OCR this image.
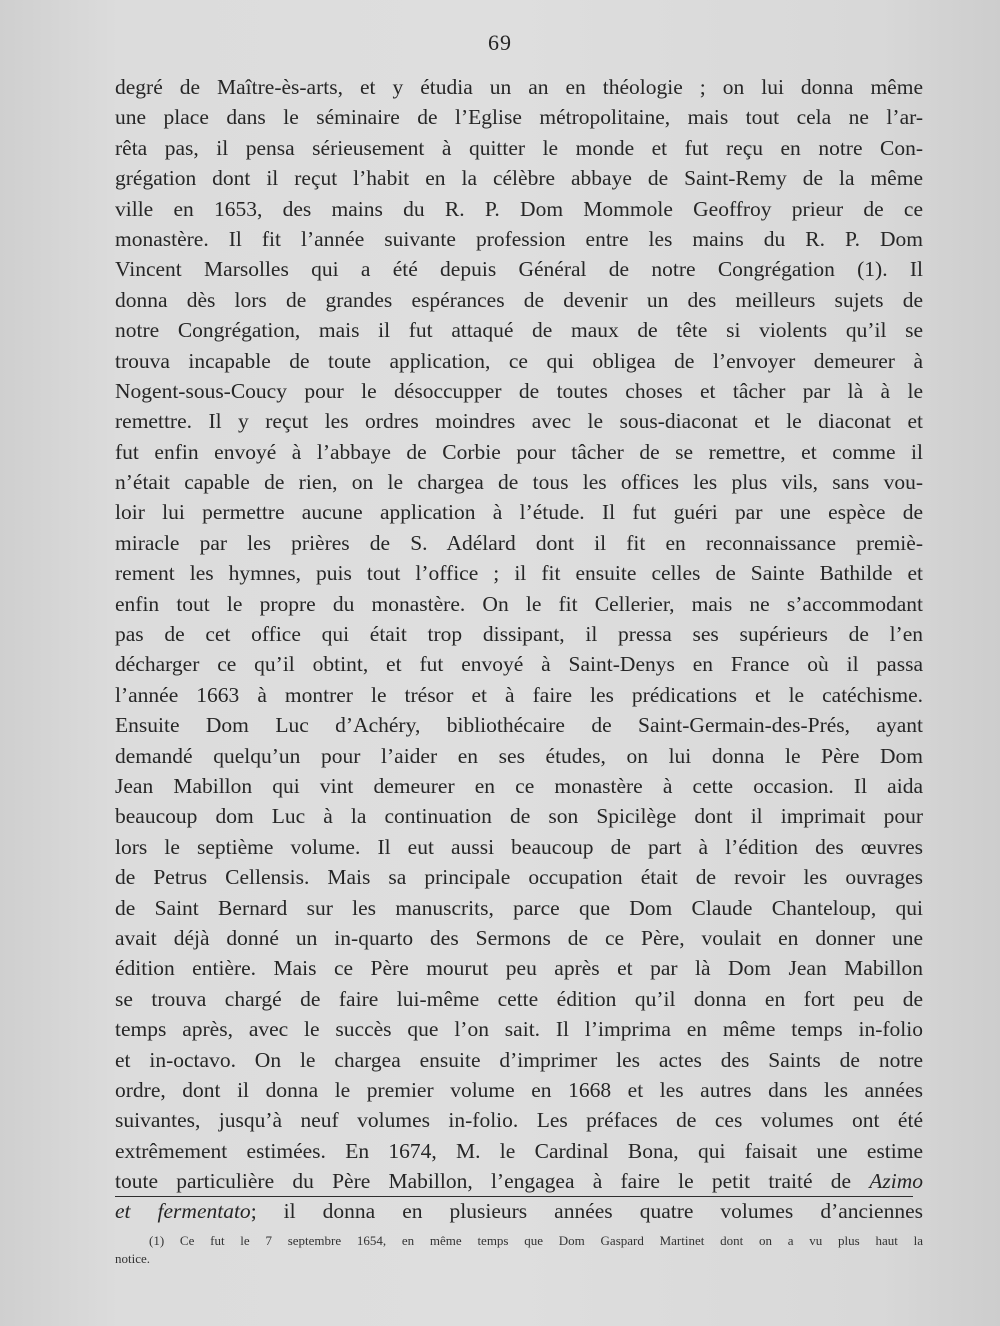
69
degré de Maître-ès-arts, et y étudia un an en théologie ; on lui donna même
une place dans le séminaire de l’Eglise métropolitaine, mais tout cela ne l’ar-
rêta pas, il pensa sérieusement à quitter le monde et fut reçu en notre Con-
grégation dont il reçut l’habit en la célèbre abbaye de Saint-Remy de la même
ville en 1653, des mains du R. P. Dom Mommole Geoffroy prieur de ce
monastère. Il fit l’année suivante profession entre les mains du R. P. Dom
Vincent Marsolles qui a été depuis Général de notre Congrégation (1). Il
donna dès lors de grandes espérances de devenir un des meilleurs sujets de
notre Congrégation, mais il fut attaqué de maux de tête si violents qu’il se
trouva incapable de toute application, ce qui obligea de l’envoyer demeurer à
Nogent-sous-Coucy pour le désoccupper de toutes choses et tâcher par là à le
remettre. Il y reçut les ordres moindres avec le sous-diaconat et le diaconat et
fut enfin envoyé à l’abbaye de Corbie pour tâcher de se remettre, et comme il
n’était capable de rien, on le chargea de tous les offices les plus vils, sans vou-
loir lui permettre aucune application à l’étude. Il fut guéri par une espèce de
miracle par les prières de S. Adélard dont il fit en reconnaissance premiè-
rement les hymnes, puis tout l’office ; il fit ensuite celles de Sainte Bathilde et
enfin tout le propre du monastère. On le fit Cellerier, mais ne s’accommodant
pas de cet office qui était trop dissipant, il pressa ses supérieurs de l’en
décharger ce qu’il obtint, et fut envoyé à Saint-Denys en France où il passa
l’année 1663 à montrer le trésor et à faire les prédications et le catéchisme.
Ensuite Dom Luc d’Achéry, bibliothécaire de Saint-Germain-des-Prés, ayant
demandé quelqu’un pour l’aider en ses études, on lui donna le Père Dom
Jean Mabillon qui vint demeurer en ce monastère à cette occasion. Il aida
beaucoup dom Luc à la continuation de son Spicilège dont il imprimait pour
lors le septième volume. Il eut aussi beaucoup de part à l’édition des œuvres
de Petrus Cellensis. Mais sa principale occupation était de revoir les ouvrages
de Saint Bernard sur les manuscrits, parce que Dom Claude Chanteloup, qui
avait déjà donné un in-quarto des Sermons de ce Père, voulait en donner une
édition entière. Mais ce Père mourut peu après et par là Dom Jean Mabillon
se trouva chargé de faire lui-même cette édition qu’il donna en fort peu de
temps après, avec le succès que l’on sait. Il l’imprima en même temps in-folio
et in-octavo. On le chargea ensuite d’imprimer les actes des Saints de notre
ordre, dont il donna le premier volume en 1668 et les autres dans les années
suivantes, jusqu’à neuf volumes in-folio. Les préfaces de ces volumes ont été
extrêmement estimées. En 1674, M. le Cardinal Bona, qui faisait une estime
toute particulière du Père Mabillon, l’engagea à faire le petit traité de Azimo
et fermentato; il donna en plusieurs années quatre volumes d’anciennes
(1) Ce fut le 7 septembre 1654, en même temps que Dom Gaspard Martinet dont on a vu plus haut la
notice.
